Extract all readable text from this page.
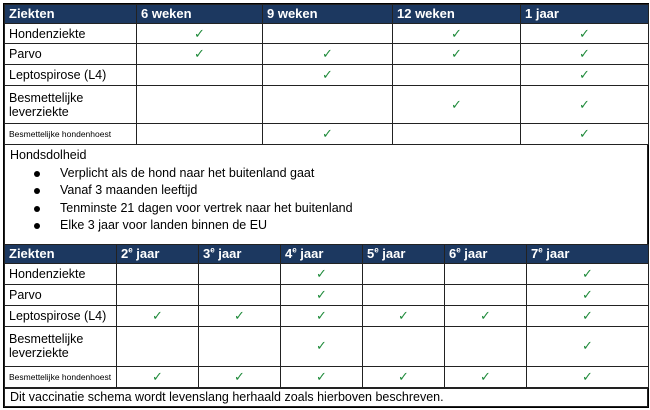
Ziekten	6 weken	9 weken	12 weken	1 jaar
Hondenziekte	✓		✓	✓
Parvo	✓	✓	✓	✓
Leptospirose (L4)		✓		✓
Besmettelijke leverziekte			✓	✓
Besmettelijke hondenhoest		✓		✓
Hondsdolheid
Verplicht als de hond naar het buitenland gaat
Vanaf 3 maanden leeftijd
Tenminste 21 dagen voor vertrek naar het buitenland
Elke 3 jaar voor landen binnen de EU
Ziekten	2e jaar	3e jaar	4e jaar	5e jaar	6e jaar	7e jaar
Hondenziekte			✓			✓
Parvo			✓			✓
Leptospirose (L4)	✓	✓	✓	✓	✓	✓
Besmettelijke leverziekte			✓			✓
Besmettelijke hondenhoest	✓	✓	✓	✓	✓	✓
Dit vaccinatie schema wordt levenslang herhaald zoals hierboven beschreven.
